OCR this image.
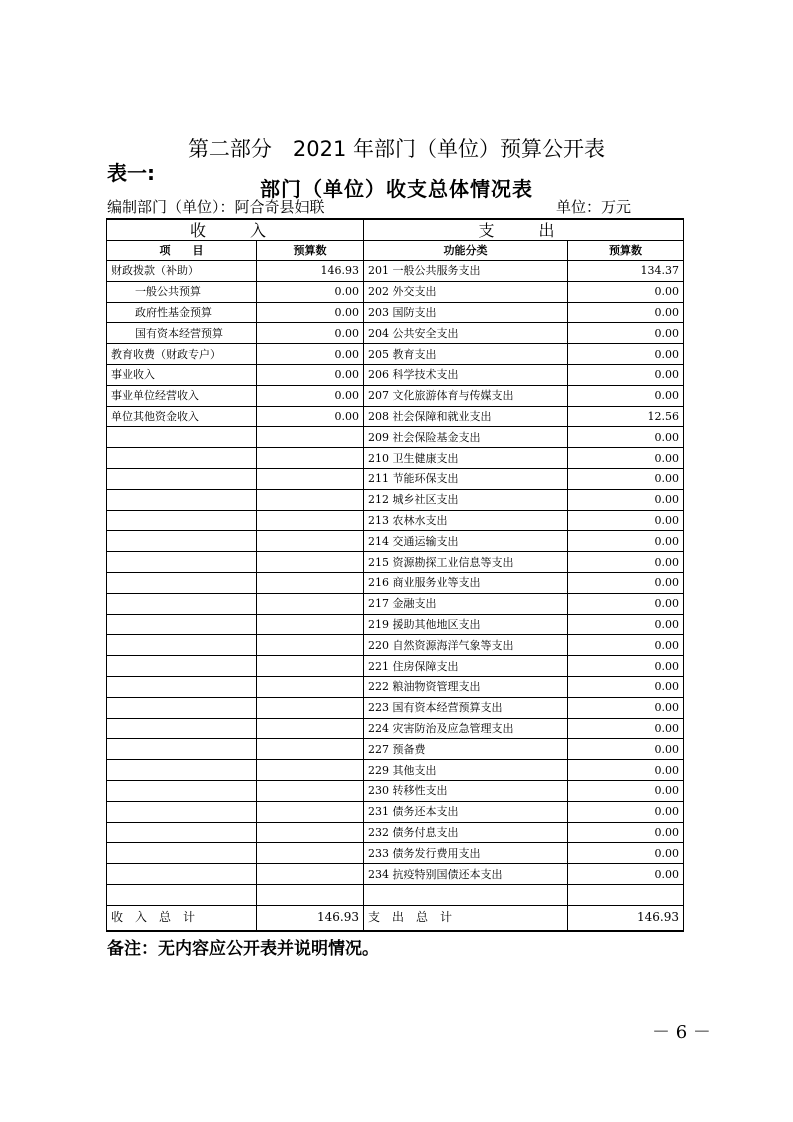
第二部分　2021 年部门（单位）预算公开表
表一:
部门（单位）收支总体情况表
编制部门（单位）：阿合奇县妇联	单位：万元
收　入		支　出	
项　　目	预算数	功能分类	预算数
财政拨款（补助）	146.93	201 一般公共服务支出	134.37
一般公共预算	0.00	202 外交支出	0.00
政府性基金预算	0.00	203 国防支出	0.00
国有资本经营预算	0.00	204 公共安全支出	0.00
教育收费（财政专户）	0.00	205 教育支出	0.00
事业收入	0.00	206 科学技术支出	0.00
事业单位经营收入	0.00	207 文化旅游体育与传媒支出	0.00
单位其他资金收入	0.00	208 社会保障和就业支出	12.56
		209 社会保险基金支出	0.00
		210 卫生健康支出	0.00
		211 节能环保支出	0.00
		212 城乡社区支出	0.00
		213 农林水支出	0.00
		214 交通运输支出	0.00
		215 资源勘探工业信息等支出	0.00
		216 商业服务业等支出	0.00
		217 金融支出	0.00
		219 援助其他地区支出	0.00
		220 自然资源海洋气象等支出	0.00
		221 住房保障支出	0.00
		222 粮油物资管理支出	0.00
		223 国有资本经营预算支出	0.00
		224 灾害防治及应急管理支出	0.00
		227 预备费	0.00
		229 其他支出	0.00
		230 转移性支出	0.00
		231 债务还本支出	0.00
		232 债务付息支出	0.00
		233 债务发行费用支出	0.00
		234 抗疫特别国债还本支出	0.00

收　入　总　计	146.93	支　出　总　计	146.93
备注：无内容应公开表并说明情况。
－ 6 －
